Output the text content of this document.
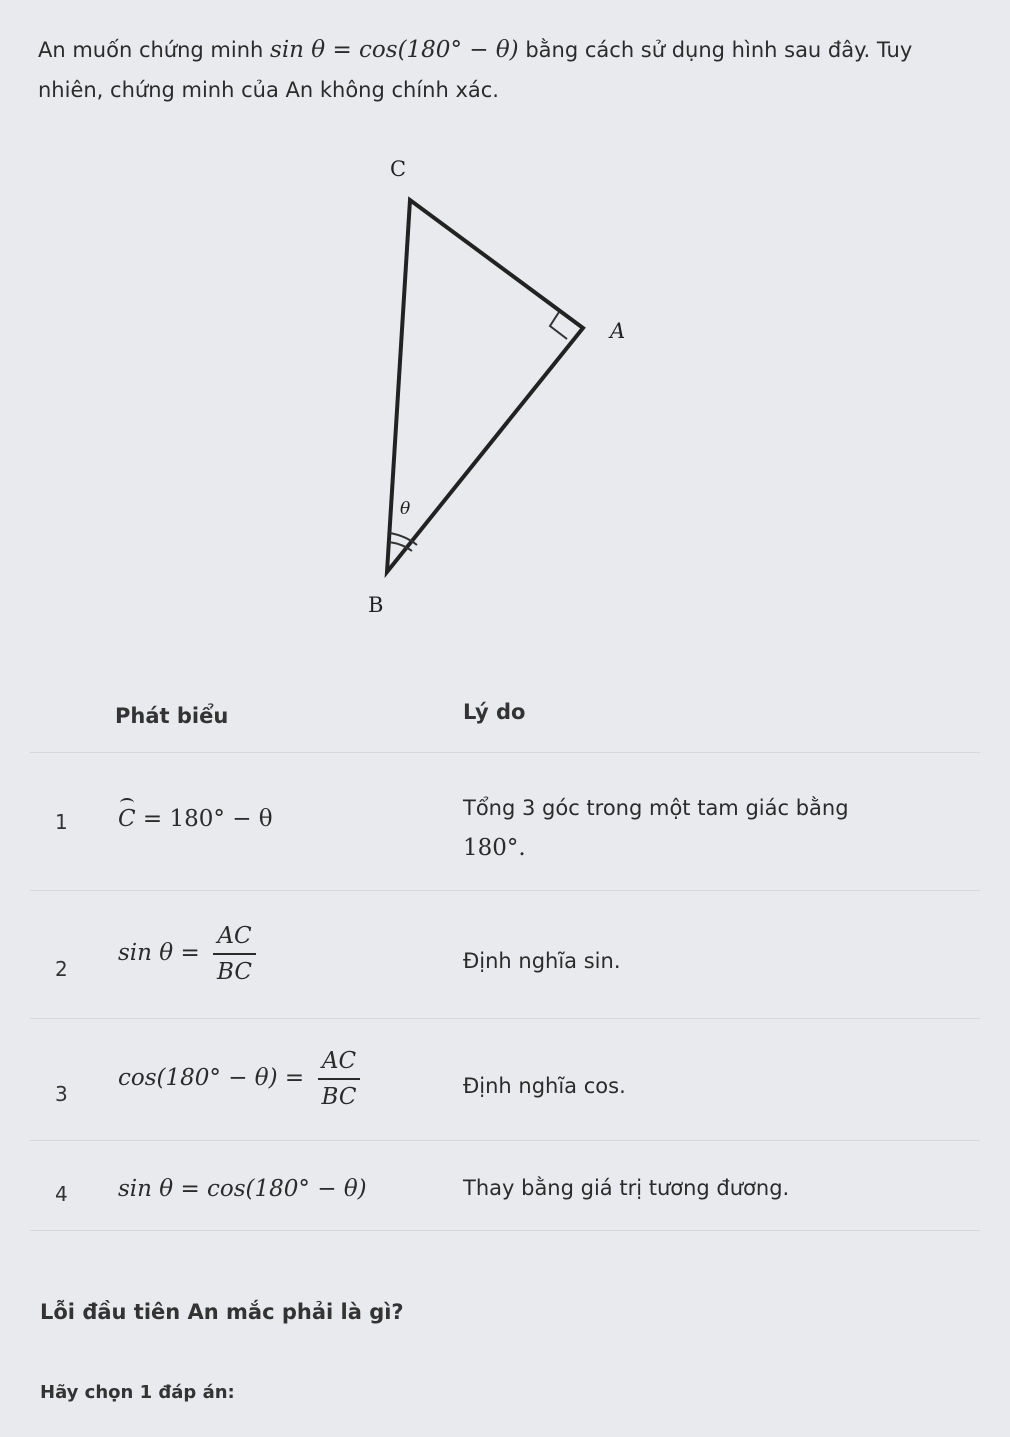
An muốn chứng minh sin θ = cos(180° − θ) bằng cách sử dụng hình sau đây. Tuy nhiên, chứng minh của An không chính xác.
C
A
B
θ
Phát biểu	Lý do
1 C = 180° − θ	Tổng 3 góc trong một tam giác bằng
180°.
2
$\sin \theta = \frac{AC}{BC}$	Định nghĩa sin.
3
$\cos(180^\circ - \theta) = \frac{AC}{BC}$	Định nghĩa cos.
4 sin θ = cos(180° − θ)	Thay bằng giá trị tương đương.
Lỗi đầu tiên An mắc phải là gì?
Hãy chọn 1 đáp án:
